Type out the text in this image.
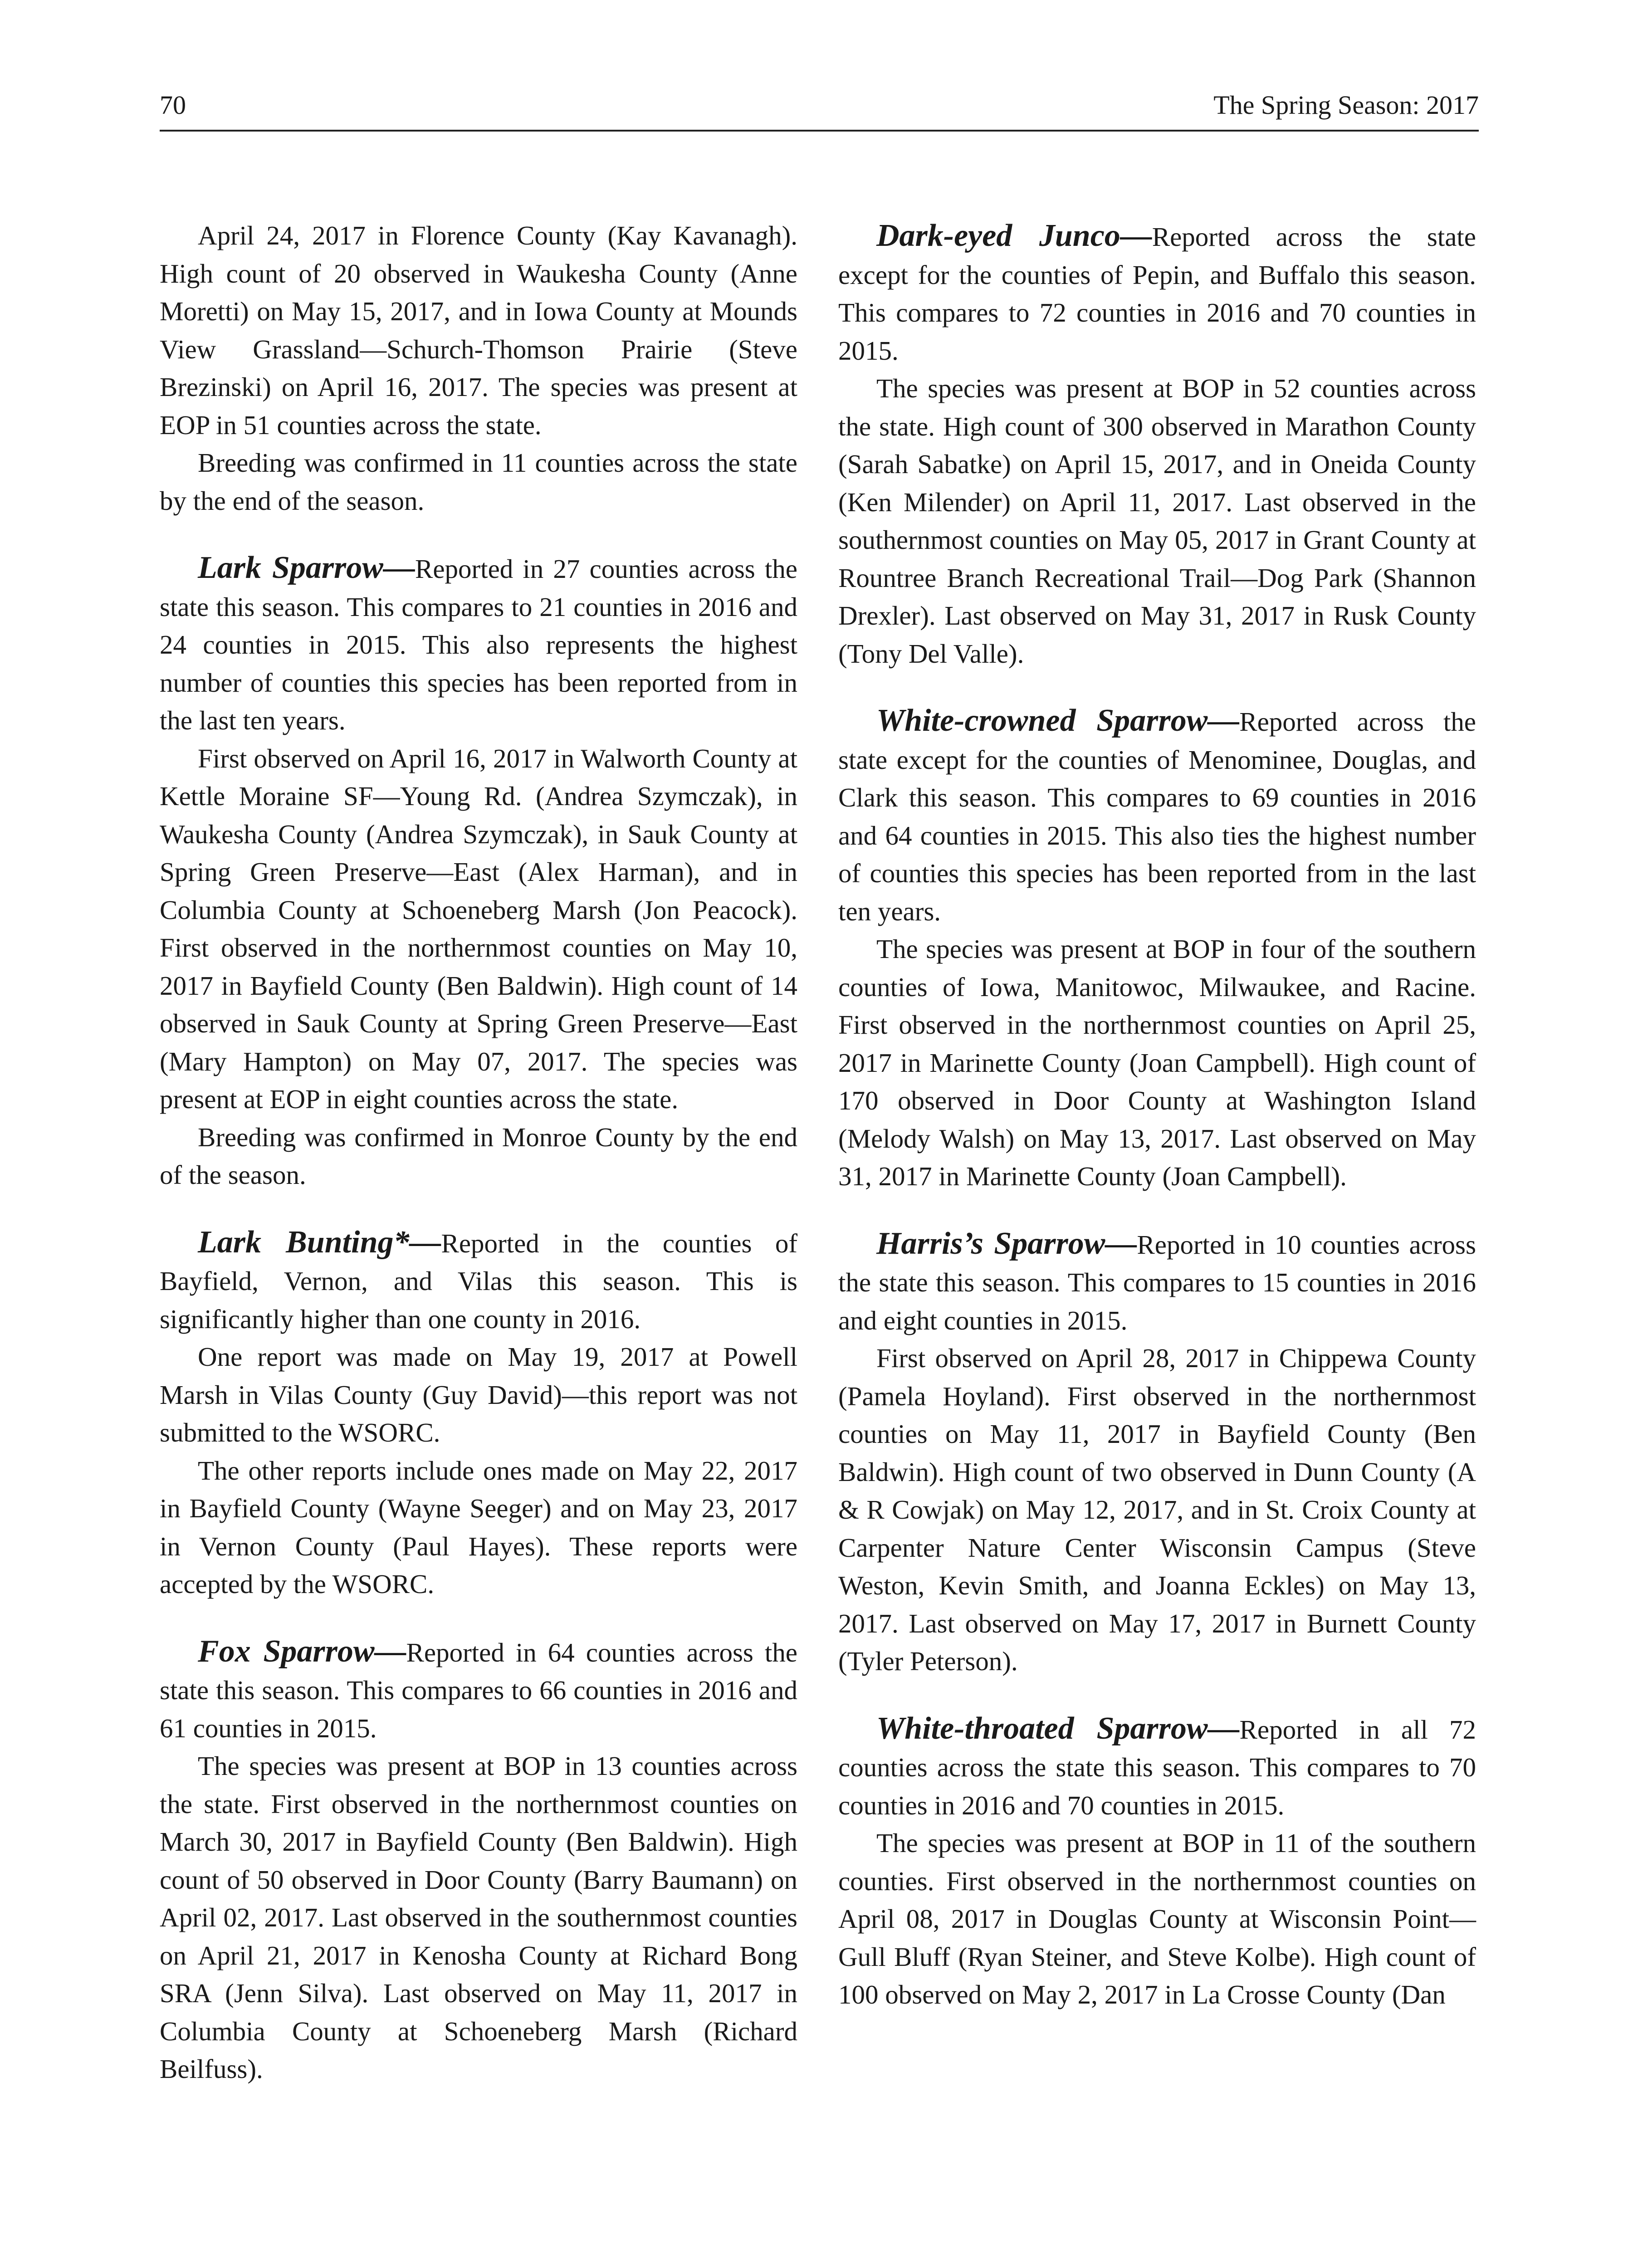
70	The Spring Season: 2017

April 24, 2017 in Florence County (Kay Kavanagh). High count of 20 observed in Waukesha County (Anne Moretti) on May 15, 2017, and in Iowa County at Mounds View Grassland—Schurch-Thomson Prairie (Steve Brezinski) on April 16, 2017. The species was present at EOP in 51 counties across the state.

Breeding was confirmed in 11 counties across the state by the end of the season.

Lark Sparrow—Reported in 27 counties across the state this season. This compares to 21 counties in 2016 and 24 counties in 2015. This also represents the highest number of counties this species has been reported from in the last ten years.

First observed on April 16, 2017 in Walworth County at Kettle Moraine SF—Young Rd. (Andrea Szymczak), in Waukesha County (Andrea Szymczak), in Sauk County at Spring Green Preserve—East (Alex Harman), and in Columbia County at Schoeneberg Marsh (Jon Peacock). First observed in the northernmost counties on May 10, 2017 in Bayfield County (Ben Baldwin). High count of 14 observed in Sauk County at Spring Green Preserve—East (Mary Hampton) on May 07, 2017. The species was present at EOP in eight counties across the state.

Breeding was confirmed in Monroe County by the end of the season.

Lark Bunting*—Reported in the counties of Bayfield, Vernon, and Vilas this season. This is significantly higher than one county in 2016.

One report was made on May 19, 2017 at Powell Marsh in Vilas County (Guy David)—this report was not submitted to the WSORC.

The other reports include ones made on May 22, 2017 in Bayfield County (Wayne Seeger) and on May 23, 2017 in Vernon County (Paul Hayes). These reports were accepted by the WSORC.

Fox Sparrow—Reported in 64 counties across the state this season. This compares to 66 counties in 2016 and 61 counties in 2015.

The species was present at BOP in 13 counties across the state. First observed in the northernmost counties on March 30, 2017 in Bayfield County (Ben Baldwin). High count of 50 observed in Door County (Barry Baumann) on April 02, 2017. Last observed in the southernmost counties on April 21, 2017 in Kenosha County at Richard Bong SRA (Jenn Silva). Last observed on May 11, 2017 in Columbia County at Schoeneberg Marsh (Richard Beilfuss).

Dark-eyed Junco—Reported across the state except for the counties of Pepin, and Buffalo this season. This compares to 72 counties in 2016 and 70 counties in 2015.

The species was present at BOP in 52 counties across the state. High count of 300 observed in Marathon County (Sarah Sabatke) on April 15, 2017, and in Oneida County (Ken Milender) on April 11, 2017. Last observed in the southernmost counties on May 05, 2017 in Grant County at Rountree Branch Recreational Trail—Dog Park (Shannon Drexler). Last observed on May 31, 2017 in Rusk County (Tony Del Valle).

White-crowned Sparrow—Reported across the state except for the counties of Menominee, Douglas, and Clark this season. This compares to 69 counties in 2016 and 64 counties in 2015. This also ties the highest number of counties this species has been reported from in the last ten years.

The species was present at BOP in four of the southern counties of Iowa, Manitowoc, Milwaukee, and Racine. First observed in the northernmost counties on April 25, 2017 in Marinette County (Joan Campbell). High count of 170 observed in Door County at Washington Island (Melody Walsh) on May 13, 2017. Last observed on May 31, 2017 in Marinette County (Joan Campbell).

Harris’s Sparrow—Reported in 10 counties across the state this season. This compares to 15 counties in 2016 and eight counties in 2015.

First observed on April 28, 2017 in Chippewa County (Pamela Hoyland). First observed in the northernmost counties on May 11, 2017 in Bayfield County (Ben Baldwin). High count of two observed in Dunn County (A & R Cowjak) on May 12, 2017, and in St. Croix County at Carpenter Nature Center Wisconsin Campus (Steve Weston, Kevin Smith, and Joanna Eckles) on May 13, 2017. Last observed on May 17, 2017 in Burnett County (Tyler Peterson).

White-throated Sparrow—Reported in all 72 counties across the state this season. This compares to 70 counties in 2016 and 70 counties in 2015.

The species was present at BOP in 11 of the southern counties. First observed in the northernmost counties on April 08, 2017 in Douglas County at Wisconsin Point—Gull Bluff (Ryan Steiner, and Steve Kolbe). High count of 100 observed on May 2, 2017 in La Crosse County (Dan
